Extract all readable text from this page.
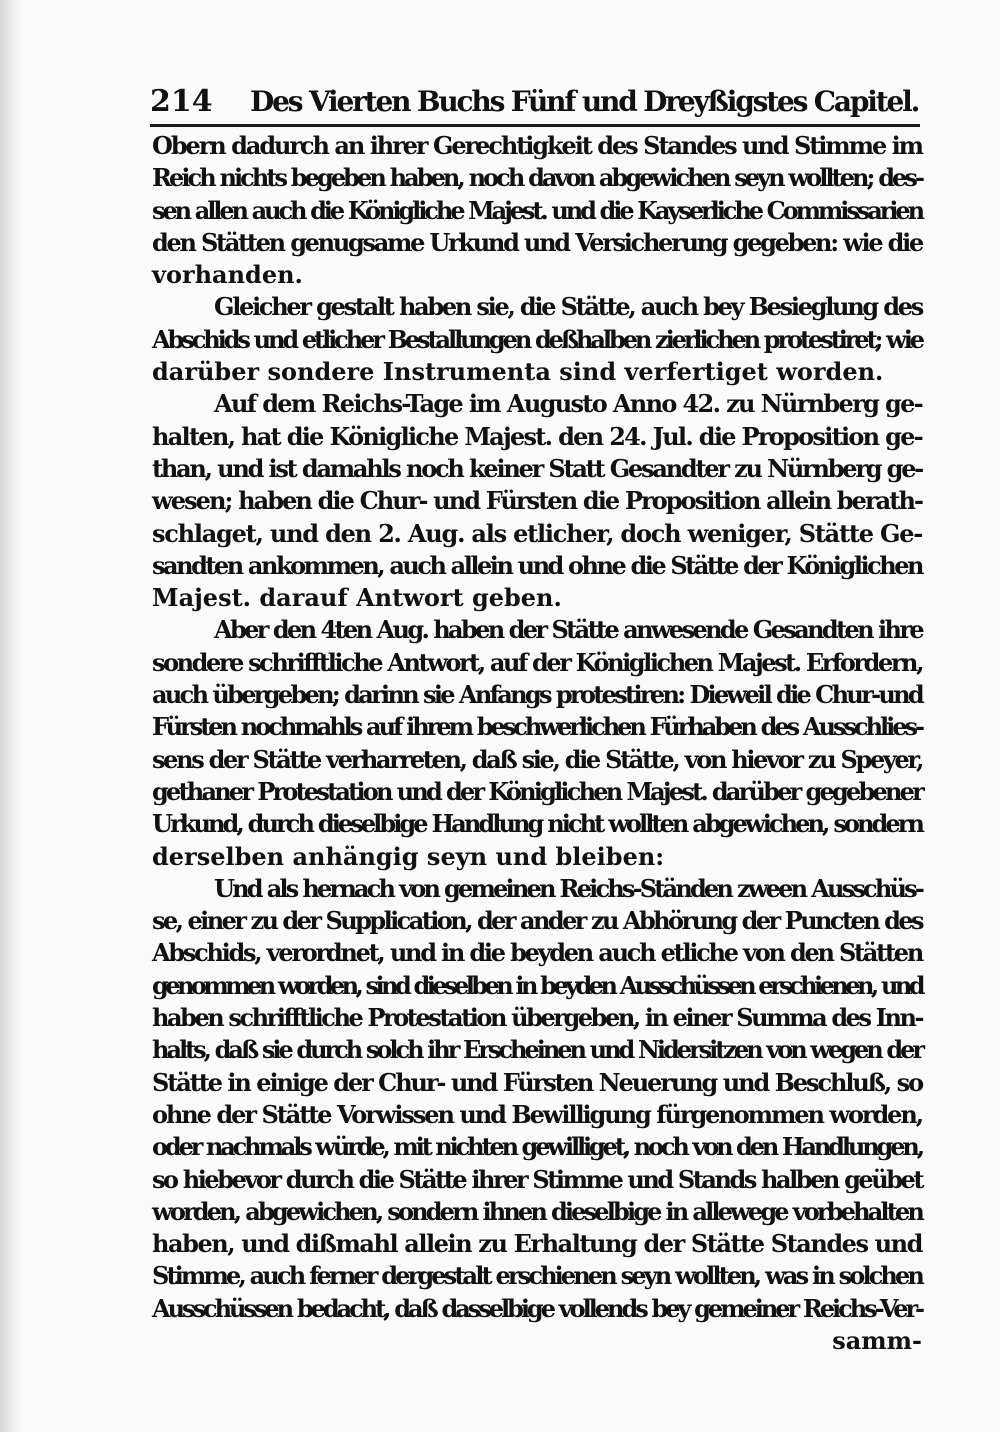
214 Des Vierten Buchs Fünf und Dreyßigstes Capitel.
Obern dadurch an ihrer Gerechtigkeit des Standes und Stimme im
Reich nichts begeben haben, noch davon abgewichen seyn wollten; des-
sen allen auch die Königliche Majest. und die Kayserliche Commissarien
den Stätten genugsame Urkund und Versicherung gegeben: wie die
vorhanden.
Gleicher gestalt haben sie, die Stätte, auch bey Besieglung des
Abschids und etlicher Bestallungen deßhalben zierlichen protestiret; wie
darüber sondere Instrumenta sind verfertiget worden.
Auf dem Reichs-Tage im Augusto Anno 42. zu Nürnberg ge-
halten, hat die Königliche Majest. den 24. Jul. die Proposition ge-
than, und ist damahls noch keiner Statt Gesandter zu Nürnberg ge-
wesen; haben die Chur- und Fürsten die Proposition allein berath-
schlaget, und den 2. Aug. als etlicher, doch weniger, Stätte Ge-
sandten ankommen, auch allein und ohne die Stätte der Königlichen
Majest. darauf Antwort geben.
Aber den 4ten Aug. haben der Stätte anwesende Gesandten ihre
sondere schrifftliche Antwort, auf der Königlichen Majest. Erfordern,
auch übergeben; darinn sie Anfangs protestiren: Dieweil die Chur-und
Fürsten nochmahls auf ihrem beschwerlichen Fürhaben des Ausschlies-
sens der Stätte verharreten, daß sie, die Stätte, von hievor zu Speyer,
gethaner Protestation und der Königlichen Majest. darüber gegebener
Urkund, durch dieselbige Handlung nicht wollten abgewichen, sondern
derselben anhängig seyn und bleiben:
Und als hernach von gemeinen Reichs-Ständen zween Ausschüs-
se, einer zu der Supplication, der ander zu Abhörung der Puncten des
Abschids, verordnet, und in die beyden auch etliche von den Stätten
genommen worden, sind dieselben in beyden Ausschüssen erschienen, und
haben schrifftliche Protestation übergeben, in einer Summa des Inn-
halts, daß sie durch solch ihr Erscheinen und Nidersitzen von wegen der
Stätte in einige der Chur- und Fürsten Neuerung und Beschluß, so
ohne der Stätte Vorwissen und Bewilligung fürgenommen worden,
oder nachmals würde, mit nichten gewilliget, noch von den Handlungen,
so hiebevor durch die Stätte ihrer Stimme und Stands halben geübet
worden, abgewichen, sondern ihnen dieselbige in allewege vorbehalten
haben, und dißmahl allein zu Erhaltung der Stätte Standes und
Stimme, auch ferner dergestalt erschienen seyn wollten, was in solchen
Ausschüssen bedacht, daß dasselbige vollends bey gemeiner Reichs-Ver-
samm-
